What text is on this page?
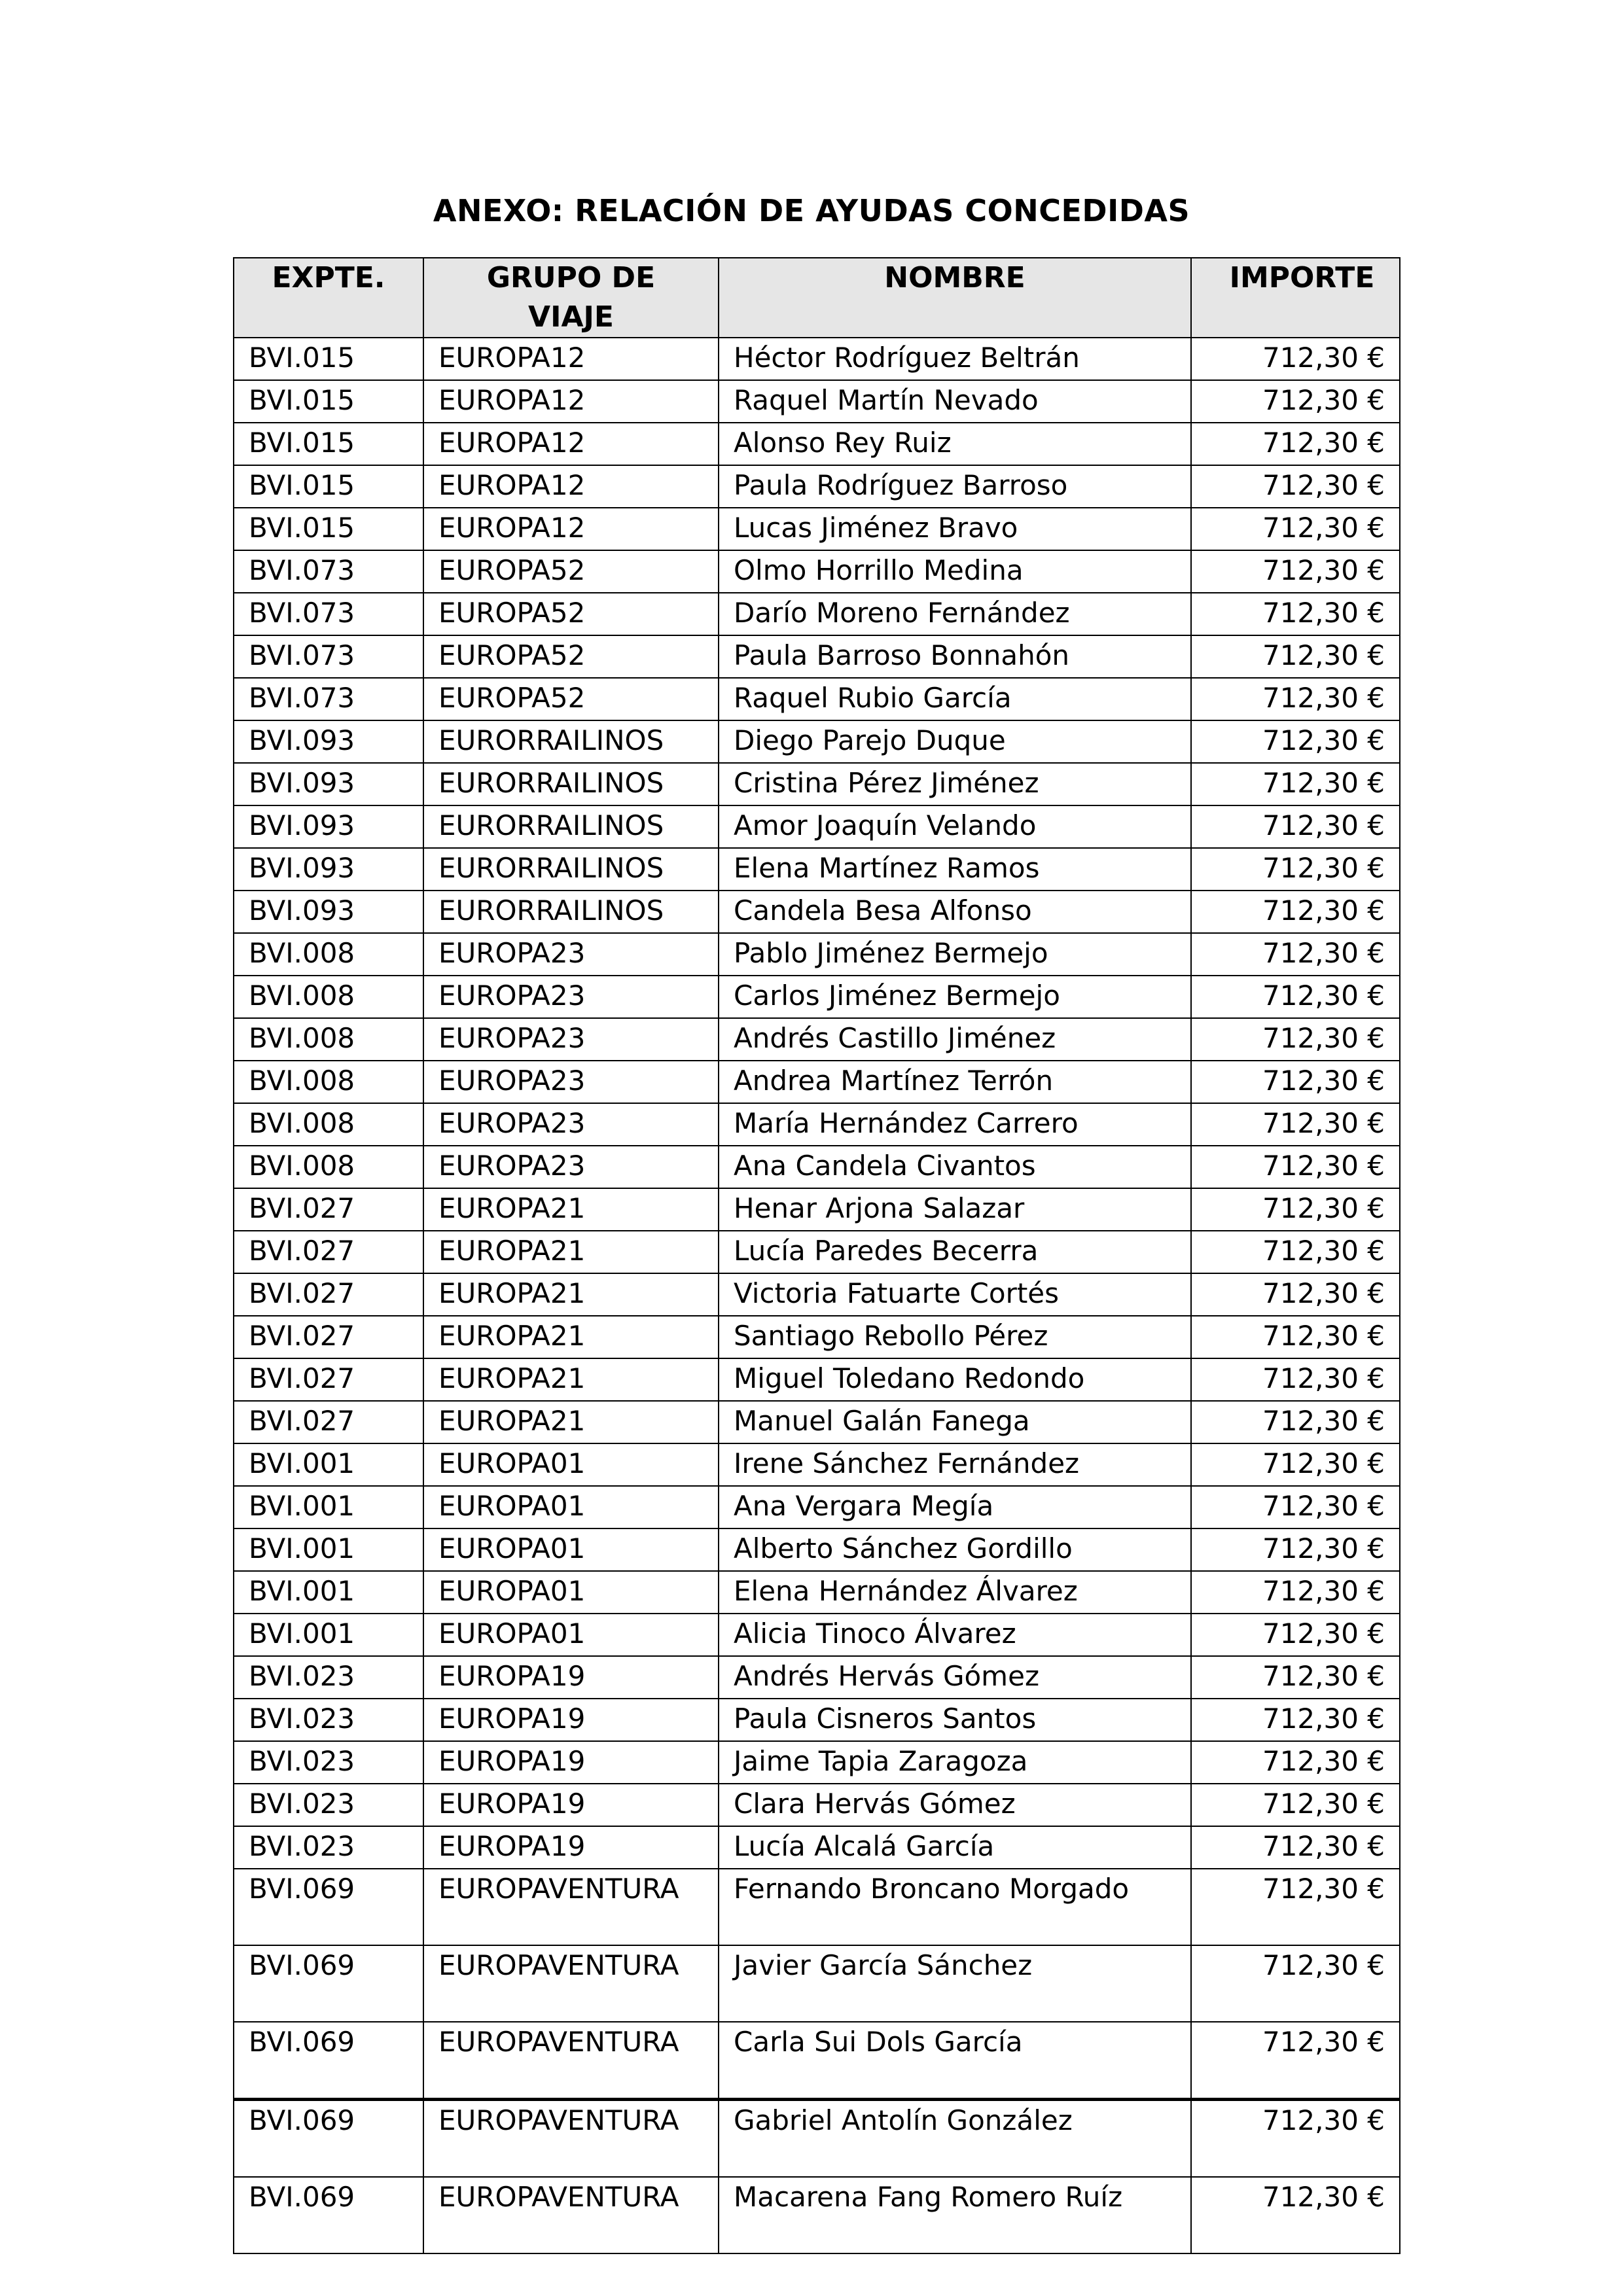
ANEXO: RELACIÓN DE AYUDAS CONCEDIDAS
EXPTE.	GRUPO DE VIAJE	NOMBRE	IMPORTE
BVI.015	EUROPA12	Héctor Rodríguez Beltrán	712,30 €
BVI.015	EUROPA12	Raquel Martín Nevado	712,30 €
BVI.015	EUROPA12	Alonso Rey Ruiz	712,30 €
BVI.015	EUROPA12	Paula Rodríguez Barroso	712,30 €
BVI.015	EUROPA12	Lucas Jiménez Bravo	712,30 €
BVI.073	EUROPA52	Olmo Horrillo Medina	712,30 €
BVI.073	EUROPA52	Darío Moreno Fernández	712,30 €
BVI.073	EUROPA52	Paula Barroso Bonnahón	712,30 €
BVI.073	EUROPA52	Raquel Rubio García	712,30 €
BVI.093	EURORRAILINOS	Diego Parejo Duque	712,30 €
BVI.093	EURORRAILINOS	Cristina Pérez Jiménez	712,30 €
BVI.093	EURORRAILINOS	Amor Joaquín Velando	712,30 €
BVI.093	EURORRAILINOS	Elena Martínez Ramos	712,30 €
BVI.093	EURORRAILINOS	Candela Besa Alfonso	712,30 €
BVI.008	EUROPA23	Pablo Jiménez Bermejo	712,30 €
BVI.008	EUROPA23	Carlos Jiménez Bermejo	712,30 €
BVI.008	EUROPA23	Andrés Castillo Jiménez	712,30 €
BVI.008	EUROPA23	Andrea Martínez Terrón	712,30 €
BVI.008	EUROPA23	María Hernández Carrero	712,30 €
BVI.008	EUROPA23	Ana Candela Civantos	712,30 €
BVI.027	EUROPA21	Henar Arjona Salazar	712,30 €
BVI.027	EUROPA21	Lucía Paredes Becerra	712,30 €
BVI.027	EUROPA21	Victoria Fatuarte Cortés	712,30 €
BVI.027	EUROPA21	Santiago Rebollo Pérez	712,30 €
BVI.027	EUROPA21	Miguel Toledano Redondo	712,30 €
BVI.027	EUROPA21	Manuel Galán Fanega	712,30 €
BVI.001	EUROPA01	Irene Sánchez Fernández	712,30 €
BVI.001	EUROPA01	Ana Vergara Megía	712,30 €
BVI.001	EUROPA01	Alberto Sánchez Gordillo	712,30 €
BVI.001	EUROPA01	Elena Hernández Álvarez	712,30 €
BVI.001	EUROPA01	Alicia Tinoco Álvarez	712,30 €
BVI.023	EUROPA19	Andrés Hervás Gómez	712,30 €
BVI.023	EUROPA19	Paula Cisneros Santos	712,30 €
BVI.023	EUROPA19	Jaime Tapia Zaragoza	712,30 €
BVI.023	EUROPA19	Clara Hervás Gómez	712,30 €
BVI.023	EUROPA19	Lucía Alcalá García	712,30 €
BVI.069	EUROPAVENTURA	Fernando Broncano Morgado	712,30 €
BVI.069	EUROPAVENTURA	Javier García Sánchez	712,30 €
BVI.069	EUROPAVENTURA	Carla Sui Dols García	712,30 €
BVI.069	EUROPAVENTURA	Gabriel Antolín González	712,30 €
BVI.069	EUROPAVENTURA	Macarena Fang Romero Ruíz	712,30 €
